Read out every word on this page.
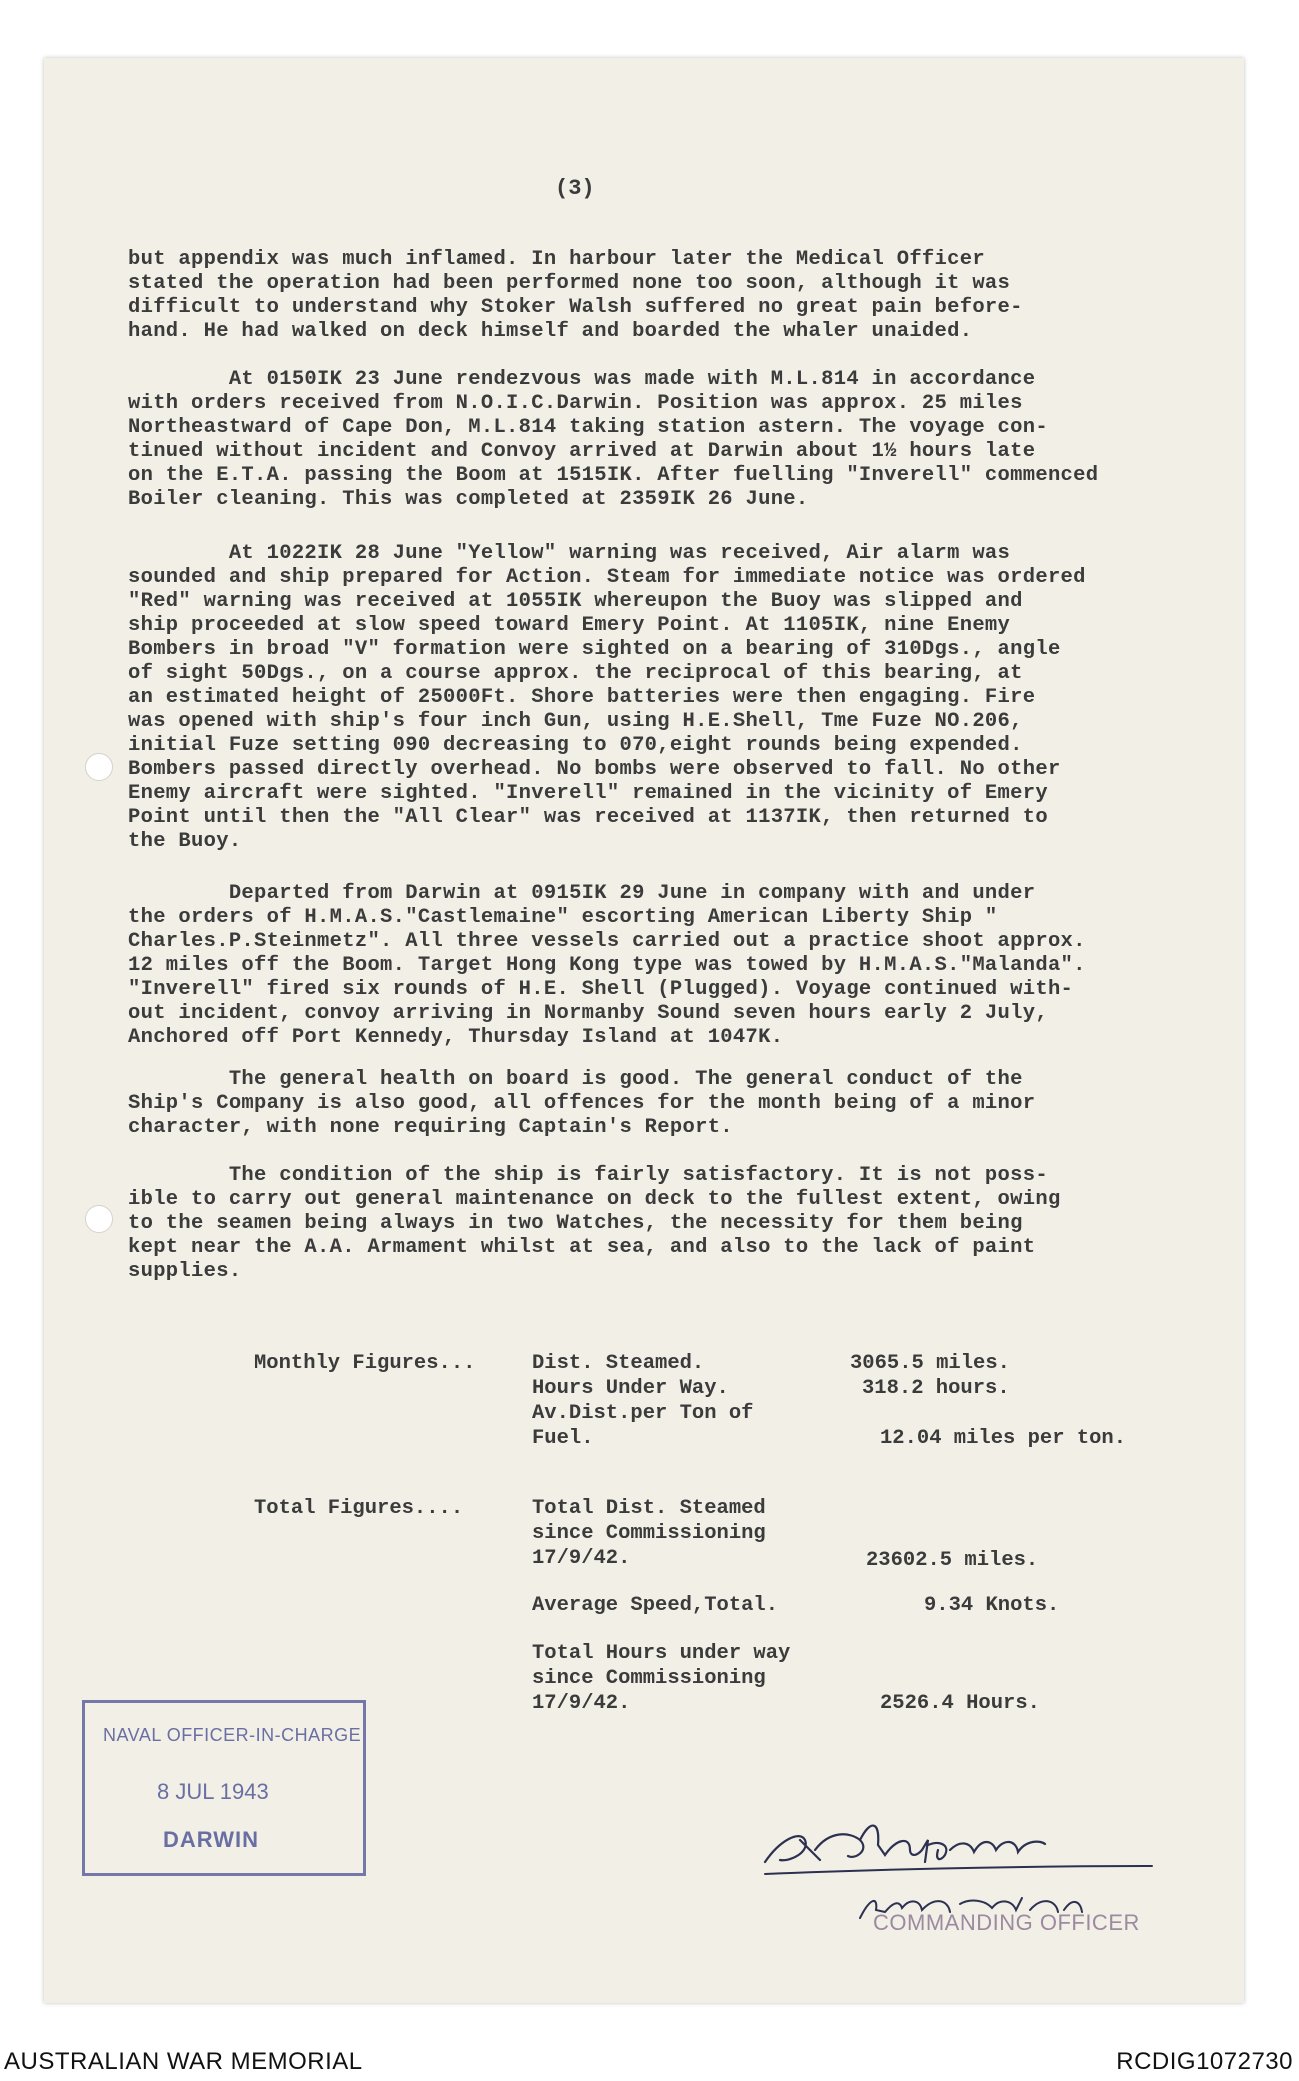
(3)

but appendix was much inflamed. In harbour later the Medical Officer

stated the operation had been performed none too soon, although it was

difficult to understand why Stoker Walsh suffered no great pain before-

hand. He had walked on deck himself and boarded the whaler unaided.

At 0150IK 23 June rendezvous was made with M.L.814 in accordance

with orders received from N.O.I.C.Darwin. Position was approx. 25 miles

Northeastward of Cape Don, M.L.814 taking station astern. The voyage con-

tinued without incident and Convoy arrived at Darwin about 1½ hours late

on the E.T.A. passing the Boom at 1515IK. After fuelling "Inverell" commenced

Boiler cleaning. This was completed at 2359IK 26 June.

At 1022IK 28 June "Yellow" warning was received, Air alarm was

sounded and ship prepared for Action. Steam for immediate notice was ordered

"Red" warning was received at 1055IK whereupon the Buoy was slipped and

ship proceeded at slow speed toward Emery Point. At 1105IK, nine Enemy

Bombers in broad "V" formation were sighted on a bearing of 310Dgs., angle

of sight 50Dgs., on a course approx. the reciprocal of this bearing, at

an estimated height of 25000Ft. Shore batteries were then engaging. Fire

was opened with ship's four inch Gun, using H.E.Shell, Tme Fuze NO.206,

initial Fuze setting 090 decreasing to 070,eight rounds being expended.

Bombers passed directly overhead. No bombs were observed to fall. No other

Enemy aircraft were sighted. "Inverell" remained in the vicinity of Emery

Point until then the "All Clear" was received at 1137IK, then returned to

the Buoy.

Departed from Darwin at 0915IK 29 June in company with and under

the orders of H.M.A.S."Castlemaine" escorting American Liberty Ship "

Charles.P.Steinmetz". All three vessels carried out a practice shoot approx.

12 miles off the Boom. Target Hong Kong type was towed by H.M.A.S."Malanda".

"Inverell" fired six rounds of H.E. Shell (Plugged). Voyage continued with-

out incident, convoy arriving in Normanby Sound seven hours early 2 July,

Anchored off Port Kennedy, Thursday Island at 1047K.

The general health on board is good. The general conduct of the

Ship's Company is also good, all offences for the month being of a minor

character, with none requiring Captain's Report.

The condition of the ship is fairly satisfactory. It is not poss-

ible to carry out general maintenance on deck to the fullest extent, owing

to the seamen being always in two Watches, the necessity for them being

kept near the A.A. Armament whilst at sea, and also to the lack of paint

supplies.

Monthly Figures...	Dist. Steamed.	3065.5 miles.
Hours Under Way.	318.2 hours.
Av.Dist.per Ton of
Fuel.	12.04 miles per ton.
Total Figures....	Total Dist. Steamed
since Commissioning
17/9/42.	23602.5 miles.
Average Speed,Total.	9.34 Knots.
Total Hours under way
since Commissioning
17/9/42.	2526.4 Hours.
NAVAL OFFICER-IN-CHARGE
8 JUL 1943
DARWIN
COMMANDING OFFICER
AUSTRALIAN WAR MEMORIAL	RCDIG1072730
